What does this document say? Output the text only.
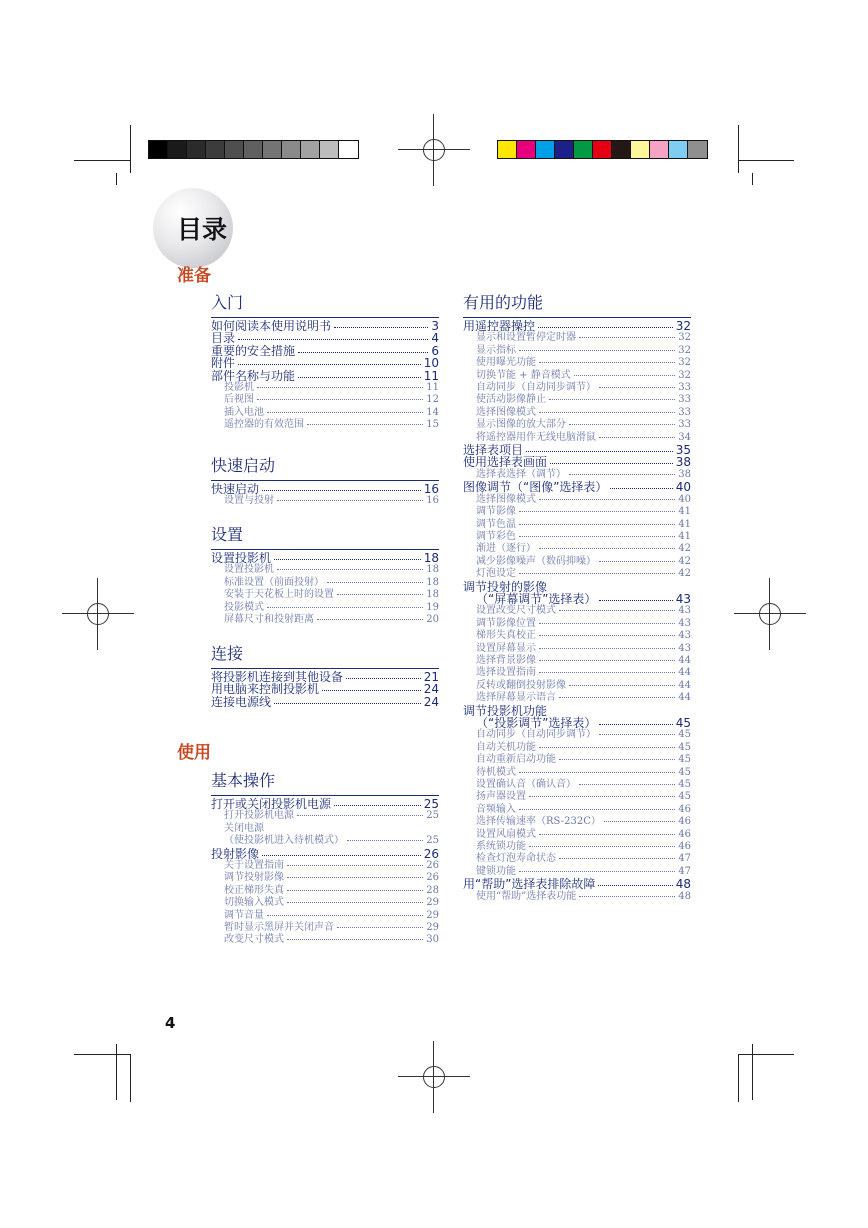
目录
准备
使用
入门
如何阅读本使用说明书	3
目录	4
重要的安全措施	6
附件	10
部件名称与功能	11
投影机	11
后视图	12
插入电池	14
遥控器的有效范围	15
快速启动
快速启动	16
设置与投射	16
设置
设置投影机	18
设置投影机	18
标准设置（前面投射）	18
安装于天花板上时的设置	18
投影模式	19
屏幕尺寸和投射距离	20
连接
将投影机连接到其他设备	21
用电脑来控制投影机	24
连接电源线	24
基本操作
打开或关闭投影机电源	25
打开投影机电源	25
关闭电源
（使投影机进入待机模式）	25
投射影像	26
关于设置指南	26
调节投射影像	26
校正梯形失真	28
切换输入模式	29
调节音量	29
暂时显示黑屏并关闭声音	29
改变尺寸模式	30
有用的功能
用遥控器操控	32
显示和设置暂停定时器	32
显示指标	32
使用曝光功能	32
切换节能 + 静音模式	32
自动同步（自动同步调节）	33
使活动影像静止	33
选择图像模式	33
显示图像的放大部分	33
将遥控器用作无线电脑滑鼠	34
选择表项目	35
使用选择表画面	38
选择表选择（调节）	38
图像调节（“图像”选择表）	40
选择图像模式	40
调节影像	41
调节色温	41
调节彩色	41
渐进（逐行）	42
减少影像噪声（数码抑噪）	42
灯泡设定	42
调节投射的影像
（“屏幕调节”选择表）	43
设置改变尺寸模式	43
调节影像位置	43
梯形失真校正	43
设置屏幕显示	43
选择背景影像	44
选择设置指南	44
反转或翻倒投射影像	44
选择屏幕显示语言	44
调节投影机功能
（“投影调节”选择表）	45
自动同步（自动同步调节）	45
自动关机功能	45
自动重新启动功能	45
待机模式	45
设置确认音（确认音）	45
扬声器设置	45
音频输入	46
选择传输速率（RS-232C）	46
设置风扇模式	46
系统锁功能	46
检查灯泡寿命状态	47
键锁功能	47
用“帮助”选择表排除故障	48
使用“帮助”选择表功能	48
4
